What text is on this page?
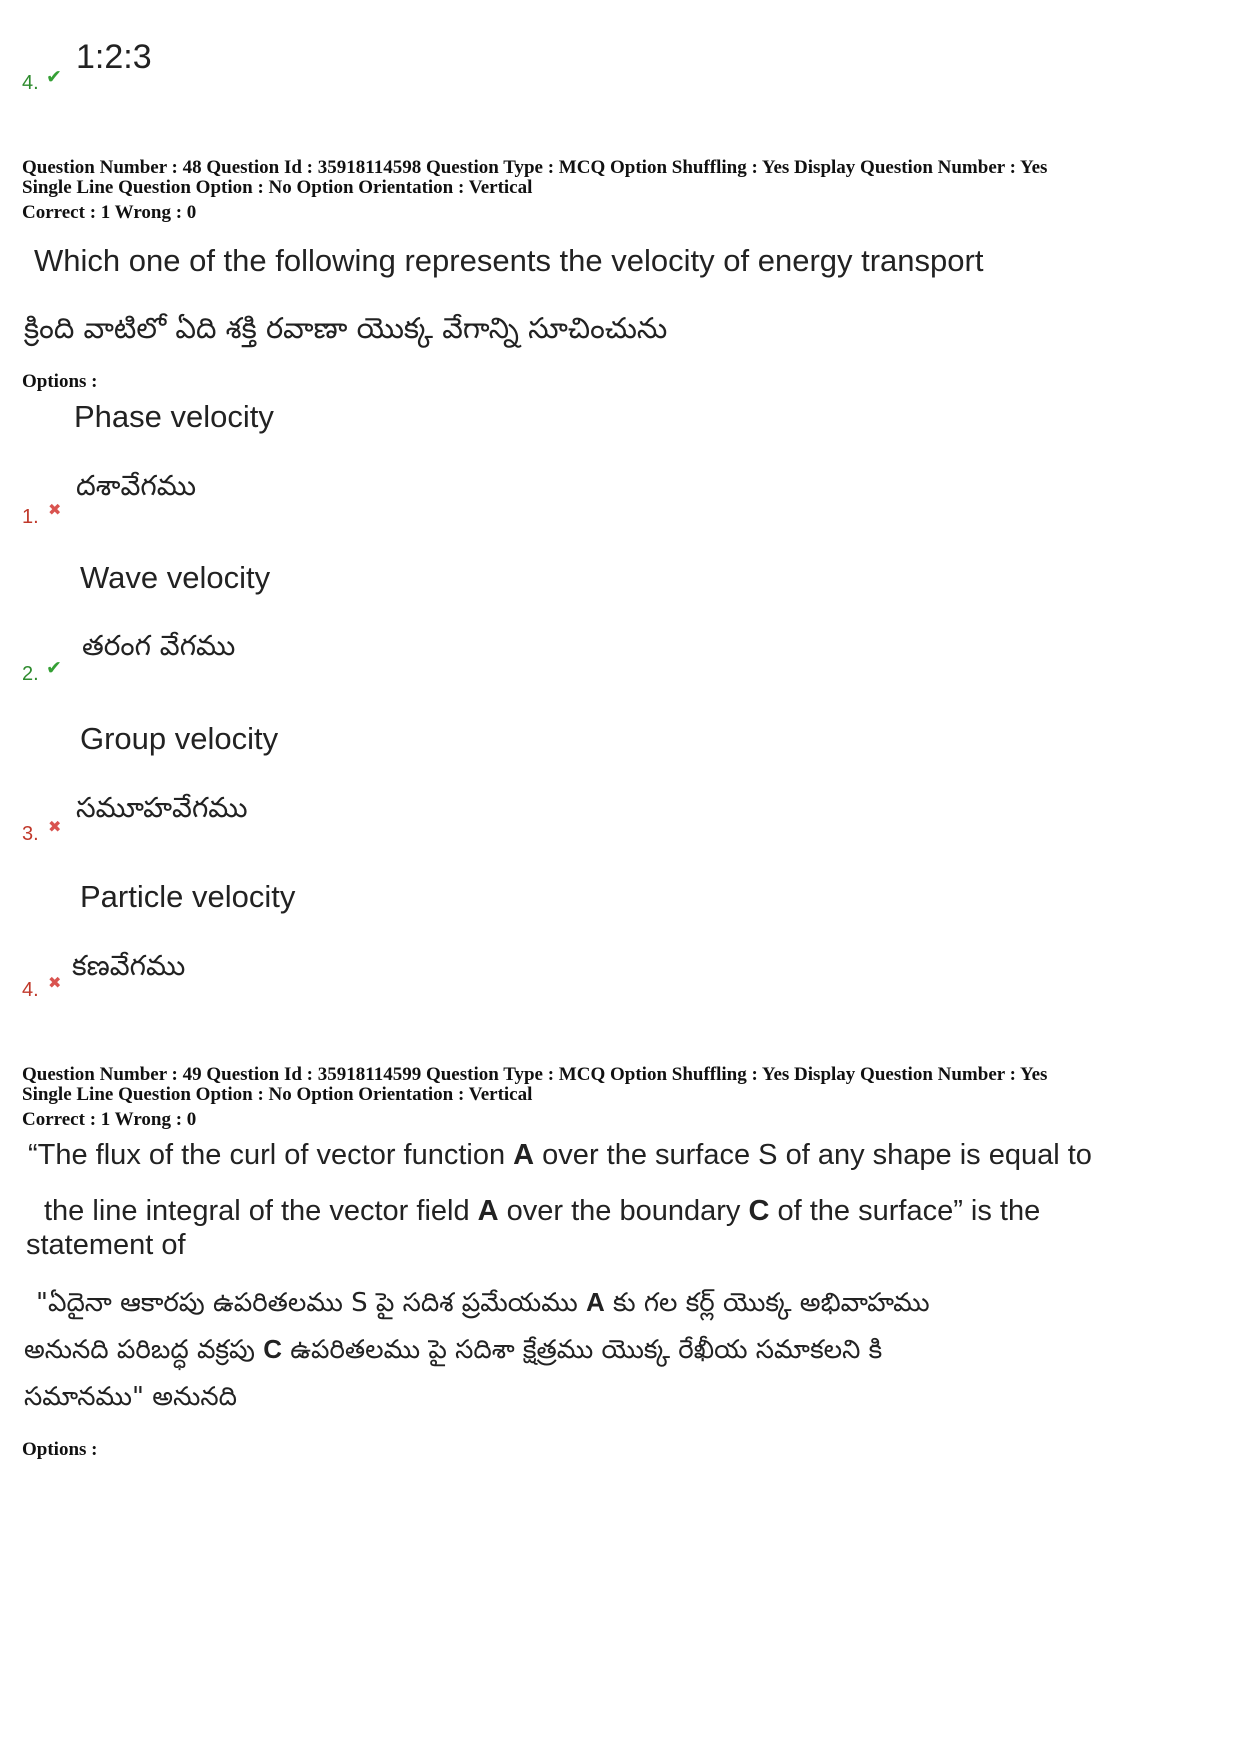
4. ✔
1:2:3
Question Number : 48 Question Id : 35918114598 Question Type : MCQ Option Shuffling : Yes Display Question Number : Yes
Single Line Question Option : No Option Orientation : Vertical
Correct : 1 Wrong : 0
Which one of the following represents the velocity of energy transport
క్రింది వాటిలో ఏది శక్తి రవాణా యొక్క వేగాన్ని సూచించును
Options :
Phase velocity
దశావేగము
1. ✖
Wave velocity
తరంగ వేగము
2. ✔
Group velocity
సమూహవేగము
3. ✖
Particle velocity
కణవేగము
4. ✖
Question Number : 49 Question Id : 35918114599 Question Type : MCQ Option Shuffling : Yes Display Question Number : Yes
Single Line Question Option : No Option Orientation : Vertical
Correct : 1 Wrong : 0
“The flux of the curl of vector function A over the surface S of any shape is equal to
the line integral of the vector field A over the boundary C of the surface” is the
statement of
"ఏదైనా ఆకారపు ఉపరితలము S పై సదిశ ప్రమేయము A కు గల కర్ల్ యొక్క అభివాహము
అనునది పరిబద్ధ వక్రపు C ఉపరితలము పై సదిశా క్షేత్రము యొక్క రేఖీయ సమాకలని కి
సమానము" అనునది
Options :
